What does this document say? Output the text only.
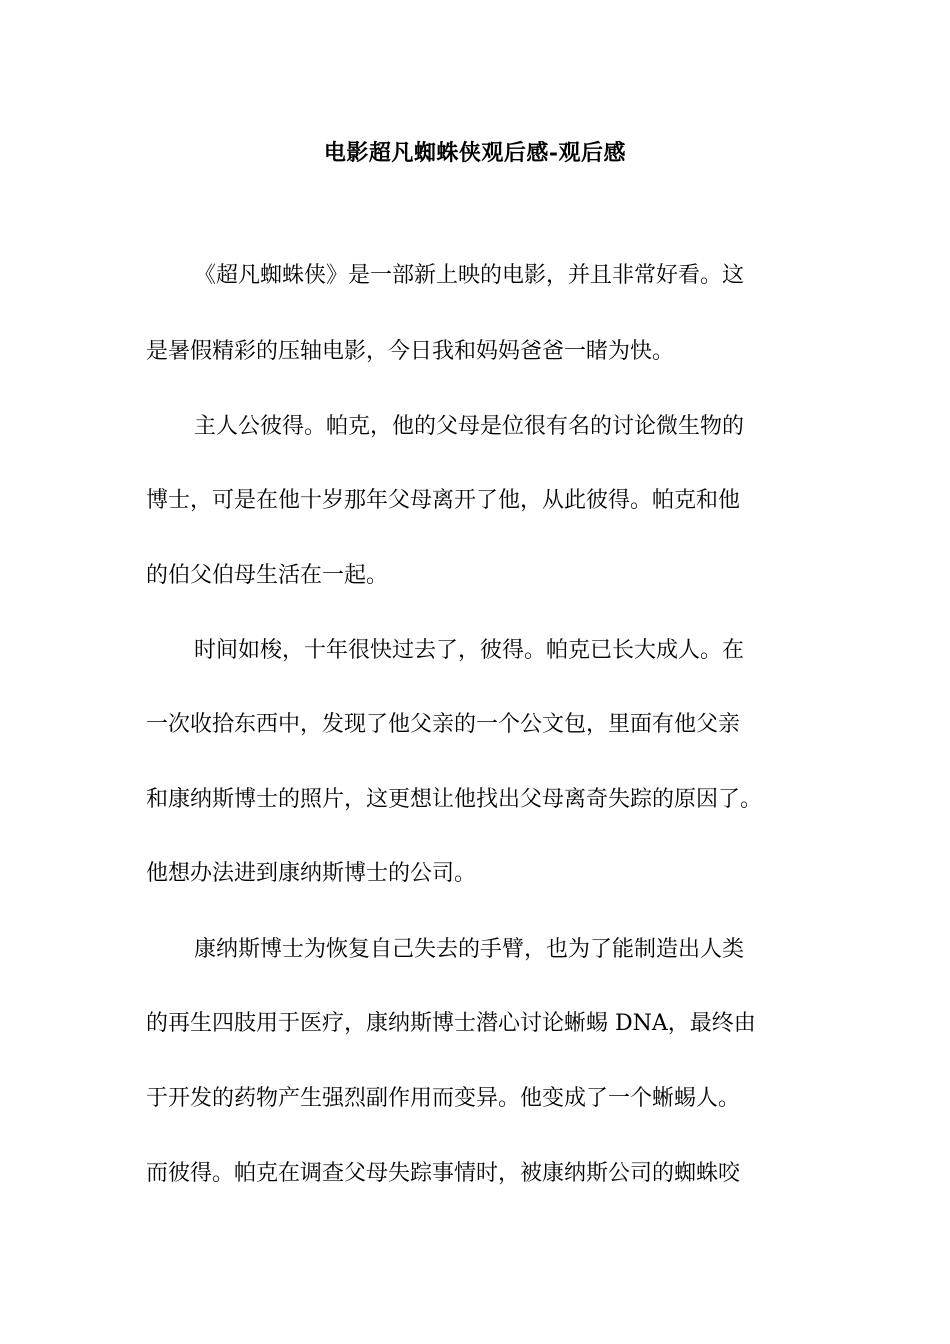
电影超凡蜘蛛侠观后感-观后感
《超凡蜘蛛侠》是一部新上映的电影，并且非常好看。这
是暑假精彩的压轴电影，今日我和妈妈爸爸一睹为快。
主人公彼得。帕克，他的父母是位很有名的讨论微生物的
博士，可是在他十岁那年父母离开了他，从此彼得。帕克和他
的伯父伯母生活在一起。
时间如梭，十年很快过去了，彼得。帕克已长大成人。在
一次收拾东西中，发现了他父亲的一个公文包，里面有他父亲
和康纳斯博士的照片，这更想让他找出父母离奇失踪的原因了。
他想办法进到康纳斯博士的公司。
康纳斯博士为恢复自己失去的手臂，也为了能制造出人类
的再生四肢用于医疗，康纳斯博士潜心讨论蜥蜴 DNA，最终由
于开发的药物产生强烈副作用而变异。他变成了一个蜥蜴人。
而彼得。帕克在调查父母失踪事情时，被康纳斯公司的蜘蛛咬
